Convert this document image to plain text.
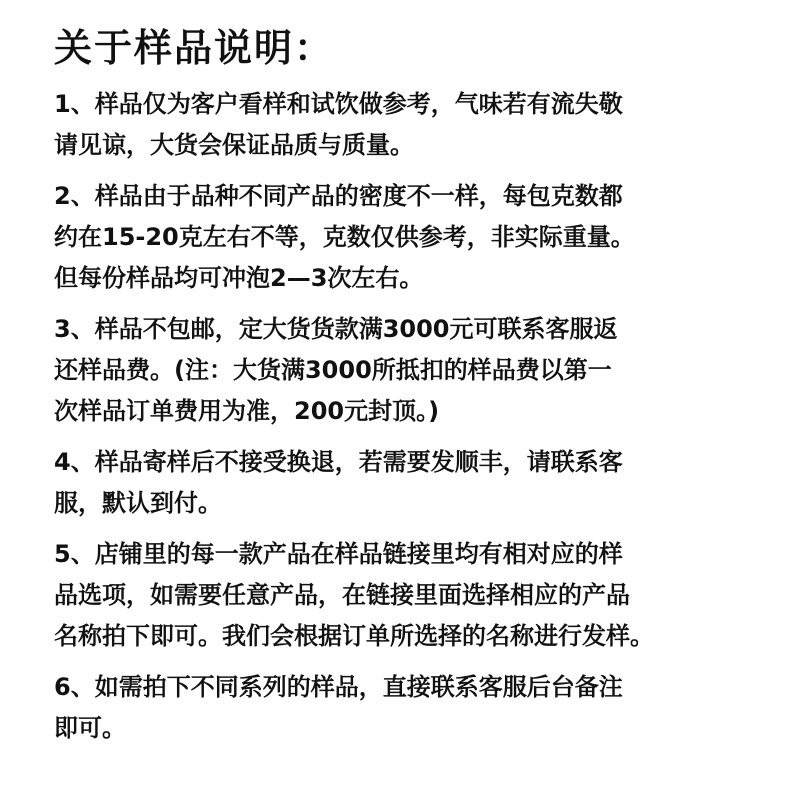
关于样品说明：
1、样品仅为客户看样和试饮做参考，气味若有流失敬
请见谅，大货会保证品质与质量。
2、样品由于品种不同产品的密度不一样，每包克数都
约在15-20克左右不等，克数仅供参考，非实际重量。
但每份样品均可冲泡2—3次左右。
3、样品不包邮，定大货货款满3000元可联系客服返
还样品费。(注：大货满3000所抵扣的样品费以第一
次样品订单费用为准，200元封顶。)
4、样品寄样后不接受换退，若需要发顺丰，请联系客
服，默认到付。
5、店铺里的每一款产品在样品链接里均有相对应的样
品选项，如需要任意产品，在链接里面选择相应的产品
名称拍下即可。我们会根据订单所选择的名称进行发样。
6、如需拍下不同系列的样品，直接联系客服后台备注
即可。
